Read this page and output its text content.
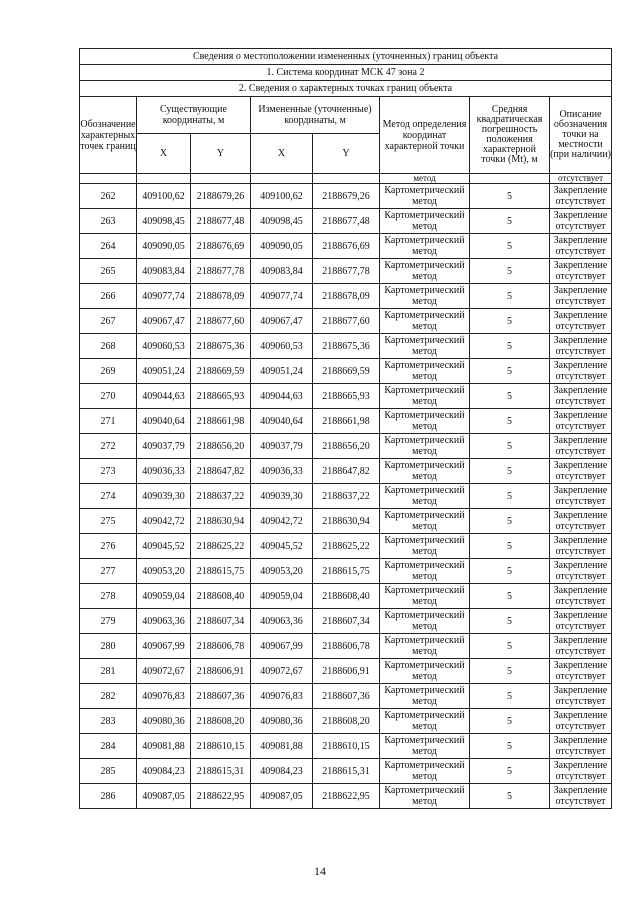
Сведения о местоположении измененных (уточненных) границ объекта							
1. Система координат МСК 47 зона 2							
2. Сведения о характерных точках границ объекта							
Обозначение характерных точек границ	Существующие координаты, м		Измененные (уточненные) координаты, м		Метод определения координат характерной точки	Средняя квадратическая погрешность положения характерной точки (Mt), м	Описание обозначения точки на местности (при наличии)
	X	Y	X	Y			
					метод		отсутствует
262	409100,62	2188679,26	409100,62	2188679,26	Картометрический метод	5	Закрепление отсутствует
263	409098,45	2188677,48	409098,45	2188677,48	Картометрический метод	5	Закрепление отсутствует
264	409090,05	2188676,69	409090,05	2188676,69	Картометрический метод	5	Закрепление отсутствует
265	409083,84	2188677,78	409083,84	2188677,78	Картометрический метод	5	Закрепление отсутствует
266	409077,74	2188678,09	409077,74	2188678,09	Картометрический метод	5	Закрепление отсутствует
267	409067,47	2188677,60	409067,47	2188677,60	Картометрический метод	5	Закрепление отсутствует
268	409060,53	2188675,36	409060,53	2188675,36	Картометрический метод	5	Закрепление отсутствует
269	409051,24	2188669,59	409051,24	2188669,59	Картометрический метод	5	Закрепление отсутствует
270	409044,63	2188665,93	409044,63	2188665,93	Картометрический метод	5	Закрепление отсутствует
271	409040,64	2188661,98	409040,64	2188661,98	Картометрический метод	5	Закрепление отсутствует
272	409037,79	2188656,20	409037,79	2188656,20	Картометрический метод	5	Закрепление отсутствует
273	409036,33	2188647,82	409036,33	2188647,82	Картометрический метод	5	Закрепление отсутствует
274	409039,30	2188637,22	409039,30	2188637,22	Картометрический метод	5	Закрепление отсутствует
275	409042,72	2188630,94	409042,72	2188630,94	Картометрический метод	5	Закрепление отсутствует
276	409045,52	2188625,22	409045,52	2188625,22	Картометрический метод	5	Закрепление отсутствует
277	409053,20	2188615,75	409053,20	2188615,75	Картометрический метод	5	Закрепление отсутствует
278	409059,04	2188608,40	409059,04	2188608,40	Картометрический метод	5	Закрепление отсутствует
279	409063,36	2188607,34	409063,36	2188607,34	Картометрический метод	5	Закрепление отсутствует
280	409067,99	2188606,78	409067,99	2188606,78	Картометрический метод	5	Закрепление отсутствует
281	409072,67	2188606,91	409072,67	2188606,91	Картометрический метод	5	Закрепление отсутствует
282	409076,83	2188607,36	409076,83	2188607,36	Картометрический метод	5	Закрепление отсутствует
283	409080,36	2188608,20	409080,36	2188608,20	Картометрический метод	5	Закрепление отсутствует
284	409081,88	2188610,15	409081,88	2188610,15	Картометрический метод	5	Закрепление отсутствует
285	409084,23	2188615,31	409084,23	2188615,31	Картометрический метод	5	Закрепление отсутствует
286	409087,05	2188622,95	409087,05	2188622,95	Картометрический метод	5	Закрепление отсутствует
14
